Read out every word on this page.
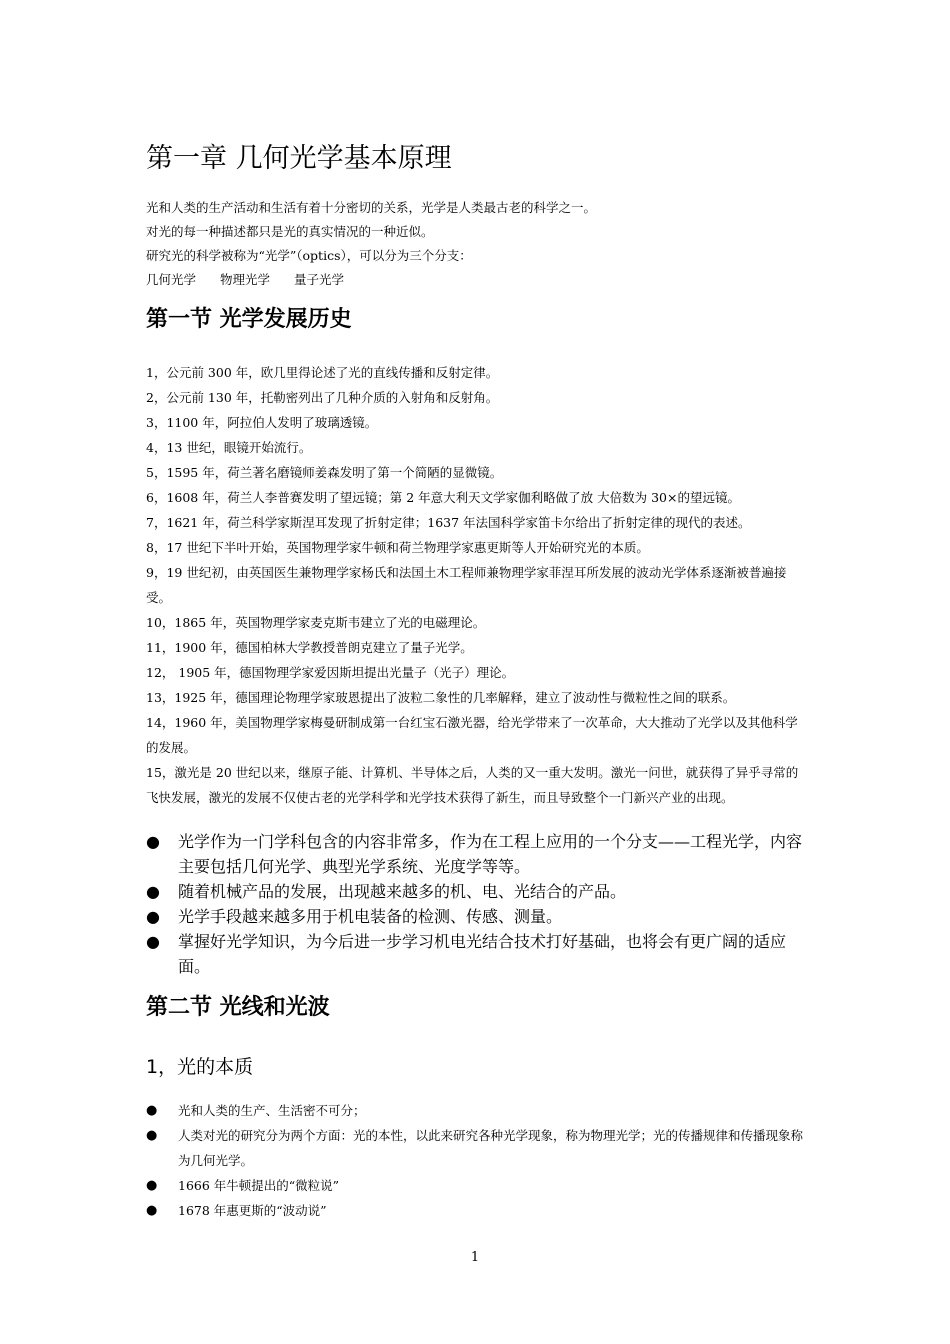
第一章 几何光学基本原理

光和人类的生产活动和生活有着十分密切的关系，光学是人类最古老的科学之一。

对光的每一种描述都只是光的真实情况的一种近似。

研究光的科学被称为“光学”（optics），可以分为三个分支：

几何光学 物理光学 量子光学

第一节 光学发展历史

1，公元前 300 年，欧几里得论述了光的直线传播和反射定律。

2，公元前 130 年，托勒密列出了几种介质的入射角和反射角。

3，1100 年，阿拉伯人发明了玻璃透镜。

4，13 世纪，眼镜开始流行。

5，1595 年，荷兰著名磨镜师姜森发明了第一个简陋的显微镜。

6，1608 年，荷兰人李普赛发明了望远镜；第 2 年意大利天文学家伽利略做了放 大倍数为 30×的望远镜。

7，1621 年，荷兰科学家斯涅耳发现了折射定律；1637 年法国科学家笛卡尔给出了折射定律的现代的表述。

8，17 世纪下半叶开始，英国物理学家牛顿和荷兰物理学家惠更斯等人开始研究光的本质。

9，19 世纪初，由英国医生兼物理学家杨氏和法国土木工程师兼物理学家菲涅耳所发展的波动光学体系逐渐被普遍接受。

10，1865 年，英国物理学家麦克斯韦建立了光的电磁理论。

11，1900 年，德国柏林大学教授普朗克建立了量子光学。

12， 1905 年，德国物理学家爱因斯坦提出光量子（光子）理论。

13，1925 年，德国理论物理学家玻恩提出了波粒二象性的几率解释，建立了波动性与微粒性之间的联系。

14，1960 年，美国物理学家梅曼研制成第一台红宝石激光器，给光学带来了一次革命，大大推动了光学以及其他科学的发展。

15，激光是 20 世纪以来，继原子能、计算机、半导体之后，人类的又一重大发明。激光一问世，就获得了异乎寻常的飞快发展，激光的发展不仅使古老的光学科学和光学技术获得了新生，而且导致整个一门新兴产业的出现。

● 光学作为一门学科包含的内容非常多，作为在工程上应用的一个分支——工程光学，内容主要包括几何光学、典型光学系统、光度学等等。

● 随着机械产品的发展，出现越来越多的机、电、光结合的产品。

● 光学手段越来越多用于机电装备的检测、传感、测量。

● 掌握好光学知识，为今后进一步学习机电光结合技术打好基础，也将会有更广阔的适应面。

第二节 光线和光波
1，光的本质

● 光和人类的生产、生活密不可分；

● 人类对光的研究分为两个方面：光的本性，以此来研究各种光学现象，称为物理光学；光的传播规律和传播现象称为几何光学。

● 1666 年牛顿提出的“微粒说”

● 1678 年惠更斯的“波动说”

1
